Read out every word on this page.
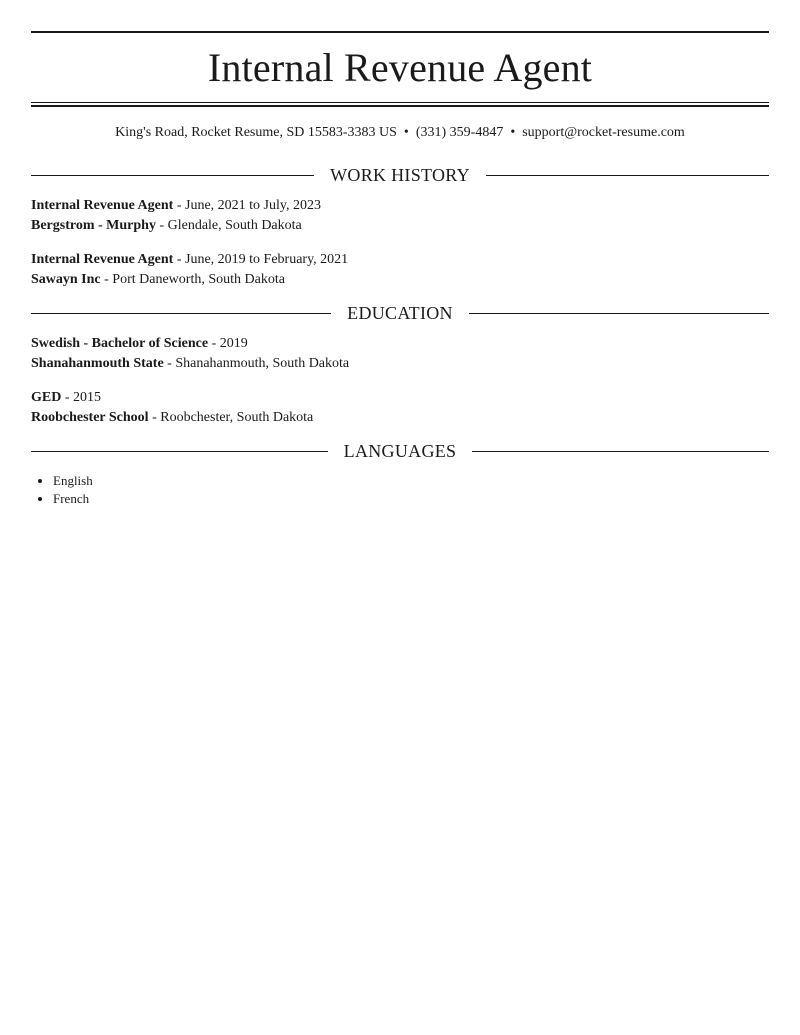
Internal Revenue Agent
King's Road, Rocket Resume, SD 15583-3383 US • (331) 359-4847 • support@rocket-resume.com
WORK HISTORY
Internal Revenue Agent - June, 2021 to July, 2023
Bergstrom - Murphy - Glendale, South Dakota
Internal Revenue Agent - June, 2019 to February, 2021
Sawayn Inc - Port Daneworth, South Dakota
EDUCATION
Swedish - Bachelor of Science - 2019
Shanahanmouth State - Shanahanmouth, South Dakota
GED - 2015
Roobchester School - Roobchester, South Dakota
LANGUAGES
• English
• French
